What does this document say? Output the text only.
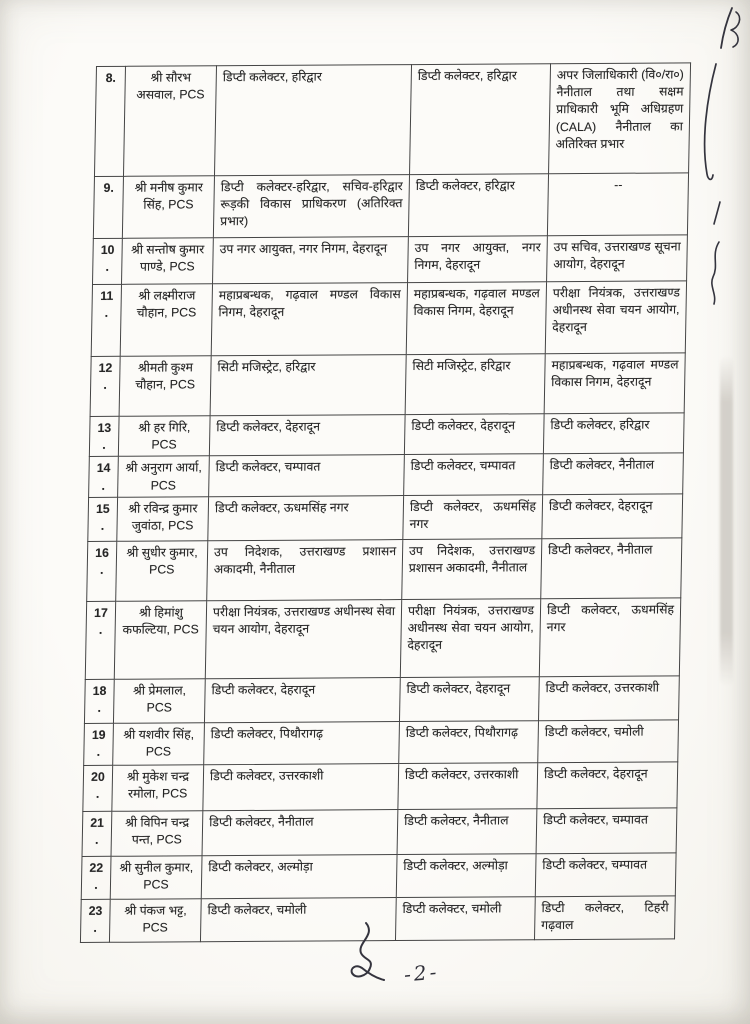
8.	श्री सौरभ असवाल, PCS	डिप्टी कलेक्टर, हरिद्वार	डिप्टी कलेक्टर, हरिद्वार	अपर जिलाधिकारी (वि०/रा०) नैनीताल तथा सक्षम प्राधिकारी भूमि अधिग्रहण (CALA) नैनीताल का अतिरिक्त प्रभार
9.	श्री मनीष कुमार सिंह, PCS	डिप्टी कलेक्टर-हरिद्वार, सचिव-हरिद्वार रूड़की विकास प्राधिकरण (अतिरिक्त प्रभार)	डिप्टी कलेक्टर, हरिद्वार	--
10.	श्री सन्तोष कुमार पाण्डे, PCS	उप नगर आयुक्त, नगर निगम, देहरादून	उप नगर आयुक्त, नगर निगम, देहरादून	उप सचिव, उत्तराखण्ड सूचना आयोग, देहरादून
11.	श्री लक्ष्मीराज चौहान, PCS	महाप्रबन्धक, गढ़वाल मण्डल विकास निगम, देहरादून	महाप्रबन्धक, गढ़वाल मण्डल विकास निगम, देहरादून	परीक्षा नियंत्रक, उत्तराखण्ड अधीनस्थ सेवा चयन आयोग, देहरादून
12.	श्रीमती कुश्म चौहान, PCS	सिटी मजिस्ट्रेट, हरिद्वार	सिटी मजिस्ट्रेट, हरिद्वार	महाप्रबन्धक, गढ़वाल मण्डल विकास निगम, देहरादून
13.	श्री हर गिरि, PCS	डिप्टी कलेक्टर, देहरादून	डिप्टी कलेक्टर, देहरादून	डिप्टी कलेक्टर, हरिद्वार
14.	श्री अनुराग आर्या, PCS	डिप्टी कलेक्टर, चम्पावत	डिप्टी कलेक्टर, चम्पावत	डिप्टी कलेक्टर, नैनीताल
15.	श्री रविन्द्र कुमार जुवांठा, PCS	डिप्टी कलेक्टर, ऊधमसिंह नगर	डिप्टी कलेक्टर, ऊधमसिंह नगर	डिप्टी कलेक्टर, देहरादून
16.	श्री सुधीर कुमार, PCS	उप निदेशक, उत्तराखण्ड प्रशासन अकादमी, नैनीताल	उप निदेशक, उत्तराखण्ड प्रशासन अकादमी, नैनीताल	डिप्टी कलेक्टर, नैनीताल
17.	श्री हिमांशु कफल्टिया, PCS	परीक्षा नियंत्रक, उत्तराखण्ड अधीनस्थ सेवा चयन आयोग, देहरादून	परीक्षा नियंत्रक, उत्तराखण्ड अधीनस्थ सेवा चयन आयोग, देहरादून	डिप्टी कलेक्टर, ऊधमसिंह नगर
18.	श्री प्रेमलाल, PCS	डिप्टी कलेक्टर, देहरादून	डिप्टी कलेक्टर, देहरादून	डिप्टी कलेक्टर, उत्तरकाशी
19.	श्री यशवीर सिंह, PCS	डिप्टी कलेक्टर, पिथौरागढ़	डिप्टी कलेक्टर, पिथौरागढ़	डिप्टी कलेक्टर, चमोली
20.	श्री मुकेश चन्द्र रमोला, PCS	डिप्टी कलेक्टर, उत्तरकाशी	डिप्टी कलेक्टर, उत्तरकाशी	डिप्टी कलेक्टर, देहरादून
21.	श्री विपिन चन्द्र पन्त, PCS	डिप्टी कलेक्टर, नैनीताल	डिप्टी कलेक्टर, नैनीताल	डिप्टी कलेक्टर, चम्पावत
22.	श्री सुनील कुमार, PCS	डिप्टी कलेक्टर, अल्मोड़ा	डिप्टी कलेक्टर, अल्मोड़ा	डिप्टी कलेक्टर, चम्पावत
23.	श्री पंकज भट्ट, PCS	डिप्टी कलेक्टर, चमोली	डिप्टी कलेक्टर, चमोली	डिप्टी कलेक्टर, टिहरी गढ़वाल
-2-
